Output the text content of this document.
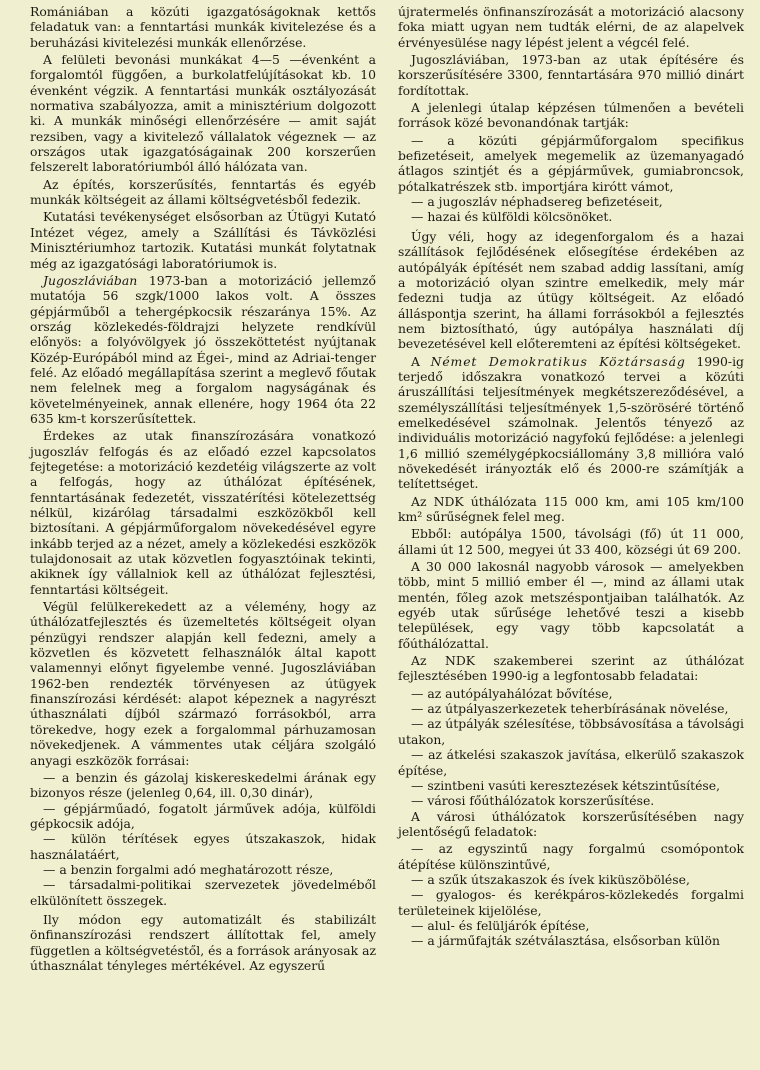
Romániában a közúti igazgatóságoknak kettős feladatuk van: a fenntartási munkák kivitelezése és a beruházási kivitelezési munkák ellenőrzése.

A felületi bevonási munkákat 4—5 —évenként a forgalomtól függően, a burkolatfelújításokat kb. 10 évenként végzik. A fenntartási munkák osztályozását normativa szabályozza, amit a minisztérium dolgozott ki. A munkák minőségi ellenőrzésére — amit saját rezsiben, vagy a kivitelező vállalatok végeznek — az országos utak igazgatóságainak 200 korszerűen felszerelt laboratóriumból álló hálózata van.

Az építés, korszerűsítés, fenntartás és egyéb munkák költségeit az állami költségvetésből fedezik.

Kutatási tevékenységet elsősorban az Útügyi Kutató Intézet végez, amely a Szállítási és Távközlési Minisztériumhoz tartozik. Kutatási munkát folytatnak még az igazgatósági laboratóriumok is.

Jugoszláviában 1973-ban a motorizáció jellemző mutatója 56 szgk/1000 lakos volt. A összes gépjárműből a tehergépkocsik részaránya 15%. Az ország közlekedés-földrajzi helyzete rendkívül előnyös: a folyóvölgyek jó összeköttetést nyújtanak Közép-Európából mind az Égei-, mind az Adriai-tenger felé. Az előadó megállapítása szerint a meglevő főutak nem felelnek meg a forgalom nagyságának és követelményeinek, annak ellenére, hogy 1964 óta 22 635 km-t korszerűsítettek.

Érdekes az utak finanszírozására vonatkozó jugoszláv felfogás és az előadó ezzel kapcsolatos fejtegetése: a motorizáció kezdetéig világszerte az volt a felfogás, hogy az úthálózat építésének, fenntartásának fedezetét, visszatérítési kötelezettség nélkül, kizárólag társadalmi eszközökből kell biztosítani. A gépjárműforgalom növekedésével egyre inkább terjed az a nézet, amely a közlekedési eszközök tulajdonosait az utak közvetlen fogyasztóinak tekinti, akiknek így vállalniok kell az úthálózat fejlesztési, fenntartási költségeit.

Végül felülkerekedett az a vélemény, hogy az úthálózatfejlesztés és üzemeltetés költségeit olyan pénzügyi rendszer alapján kell fedezni, amely a közvetlen és közvetett felhasználók által kapott valamennyi előnyt figyelembe venné. Jugoszláviában 1962-ben rendezték törvényesen az útügyek finanszírozási kérdését: alapot képeznek a nagyrészt úthasználati díjból származó forrásokból, arra törekedve, hogy ezek a forgalommal párhuzamosan növekedjenek. A vámmentes utak céljára szolgáló anyagi eszközök forrásai:

— a benzin és gázolaj kiskereskedelmi árának egy bizonyos része (jelenleg 0,64, ill. 0,30 dinár),

— gépjárműadó, fogatolt járművek adója, külföldi gépkocsik adója,

— külön térítések egyes útszakaszok, hidak használatáért,

— a benzin forgalmi adó meghatározott része,

— társadalmi-politikai szervezetek jövedelméből elkülönített összegek.

Ily módon egy automatizált és stabilizált önfinanszírozási rendszert állítottak fel, amely független a költségvetéstől, és a források arányosak az úthasználat tényleges mértékével. Az egyszerű

újratermelés önfinanszírozását a motorizáció alacsony foka miatt ugyan nem tudták elérni, de az alapelvek érvényesülése nagy lépést jelent a végcél felé.

Jugoszláviában, 1973-ban az utak építésére és korszerűsítésére 3300, fenntartására 970 millió dinárt fordítottak.

A jelenlegi útalap képzésen túlmenően a bevételi források közé bevonandónak tartják:

— a közúti gépjárműforgalom specifikus befizetéseit, amelyek megemelik az üzemanyagadó átlagos szintjét és a gépjárművek, gumiabroncsok, pótalkatrészek stb. importjára kirótt vámot,

— a jugoszláv néphadsereg befizetéseit,

— hazai és külföldi kölcsönöket.

Úgy véli, hogy az idegenforgalom és a hazai szállítások fejlődésének elősegítése érdekében az autópályák építését nem szabad addig lassítani, amíg a motorizáció olyan szintre emelkedik, mely már fedezni tudja az útügy költségeit. Az előadó álláspontja szerint, ha állami forrásokból a fejlesztés nem biztosítható, úgy autópálya használati díj bevezetésével kell előteremteni az építési költségeket.

A Német Demokratikus Köztársaság 1990-ig terjedő időszakra vonatkozó tervei a közúti áruszállítási teljesítmények megkétszereződésével, a személyszállítási teljesítmények 1,5-szöröséré történő emelkedésével számolnak. Jelentős tényező az individuális motorizáció nagyfokú fejlődése: a jelenlegi 1,6 millió személygépkocsiállomány 3,8 millióra való növekedését irányozták elő és 2000-re számítják a telítettséget.

Az NDK úthálózata 115 000 km, ami 105 km/100 km² sűrűségnek felel meg.

Ebből: autópálya 1500, távolsági (fő) út 11 000, állami út 12 500, megyei út 33 400, községi út 69 200.

A 30 000 lakosnál nagyobb városok — amelyekben több, mint 5 millió ember él —, mind az állami utak mentén, főleg azok metszéspontjaiban találhatók. Az egyéb utak sűrűsége lehetővé teszi a kisebb települések, egy vagy több kapcsolatát a főúthálózattal.

Az NDK szakemberei szerint az úthálózat fejlesztésében 1990-ig a legfontosabb feladatai:

— az autópályahálózat bővítése,

— az útpályaszerkezetek teherbírásának növelése,

— az útpályák szélesítése, többsávosítása a távolsági utakon,

— az átkelési szakaszok javítása, elkerülő szakaszok építése,

— szintbeni vasúti keresztezések kétszintűsítése,

— városi főúthálózatok korszerűsítése.

A városi úthálózatok korszerűsítésében nagy jelentőségű feladatok:

— az egyszintű nagy forgalmú csomópontok átépítése különszintűvé,

— a szűk útszakaszok és ívek kiküszöbölése,

— gyalogos- és kerékpáros-közlekedés forgalmi területeinek kijelölése,

— alul- és felüljárók építése,

— a járműfajták szétválasztása, elsősorban külön
